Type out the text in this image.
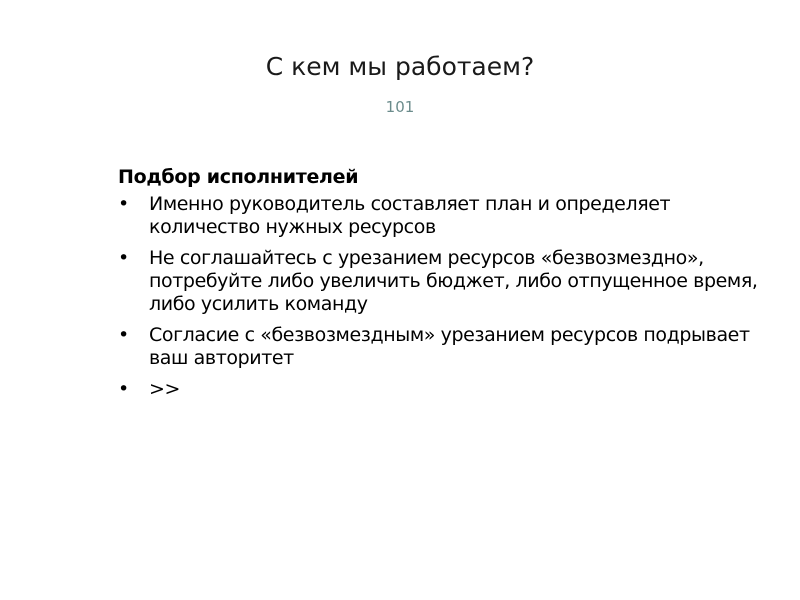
С кем мы работаем?
101
Подбор исполнителей
• Именно руководитель составляет план и определяет количество нужных ресурсов
• Не соглашайтесь с урезанием ресурсов «безвозмездно», потребуйте либо увеличить бюджет, либо отпущенное время, либо усилить команду
• Согласие с «безвозмездным» урезанием ресурсов подрывает ваш авторитет
• >>
